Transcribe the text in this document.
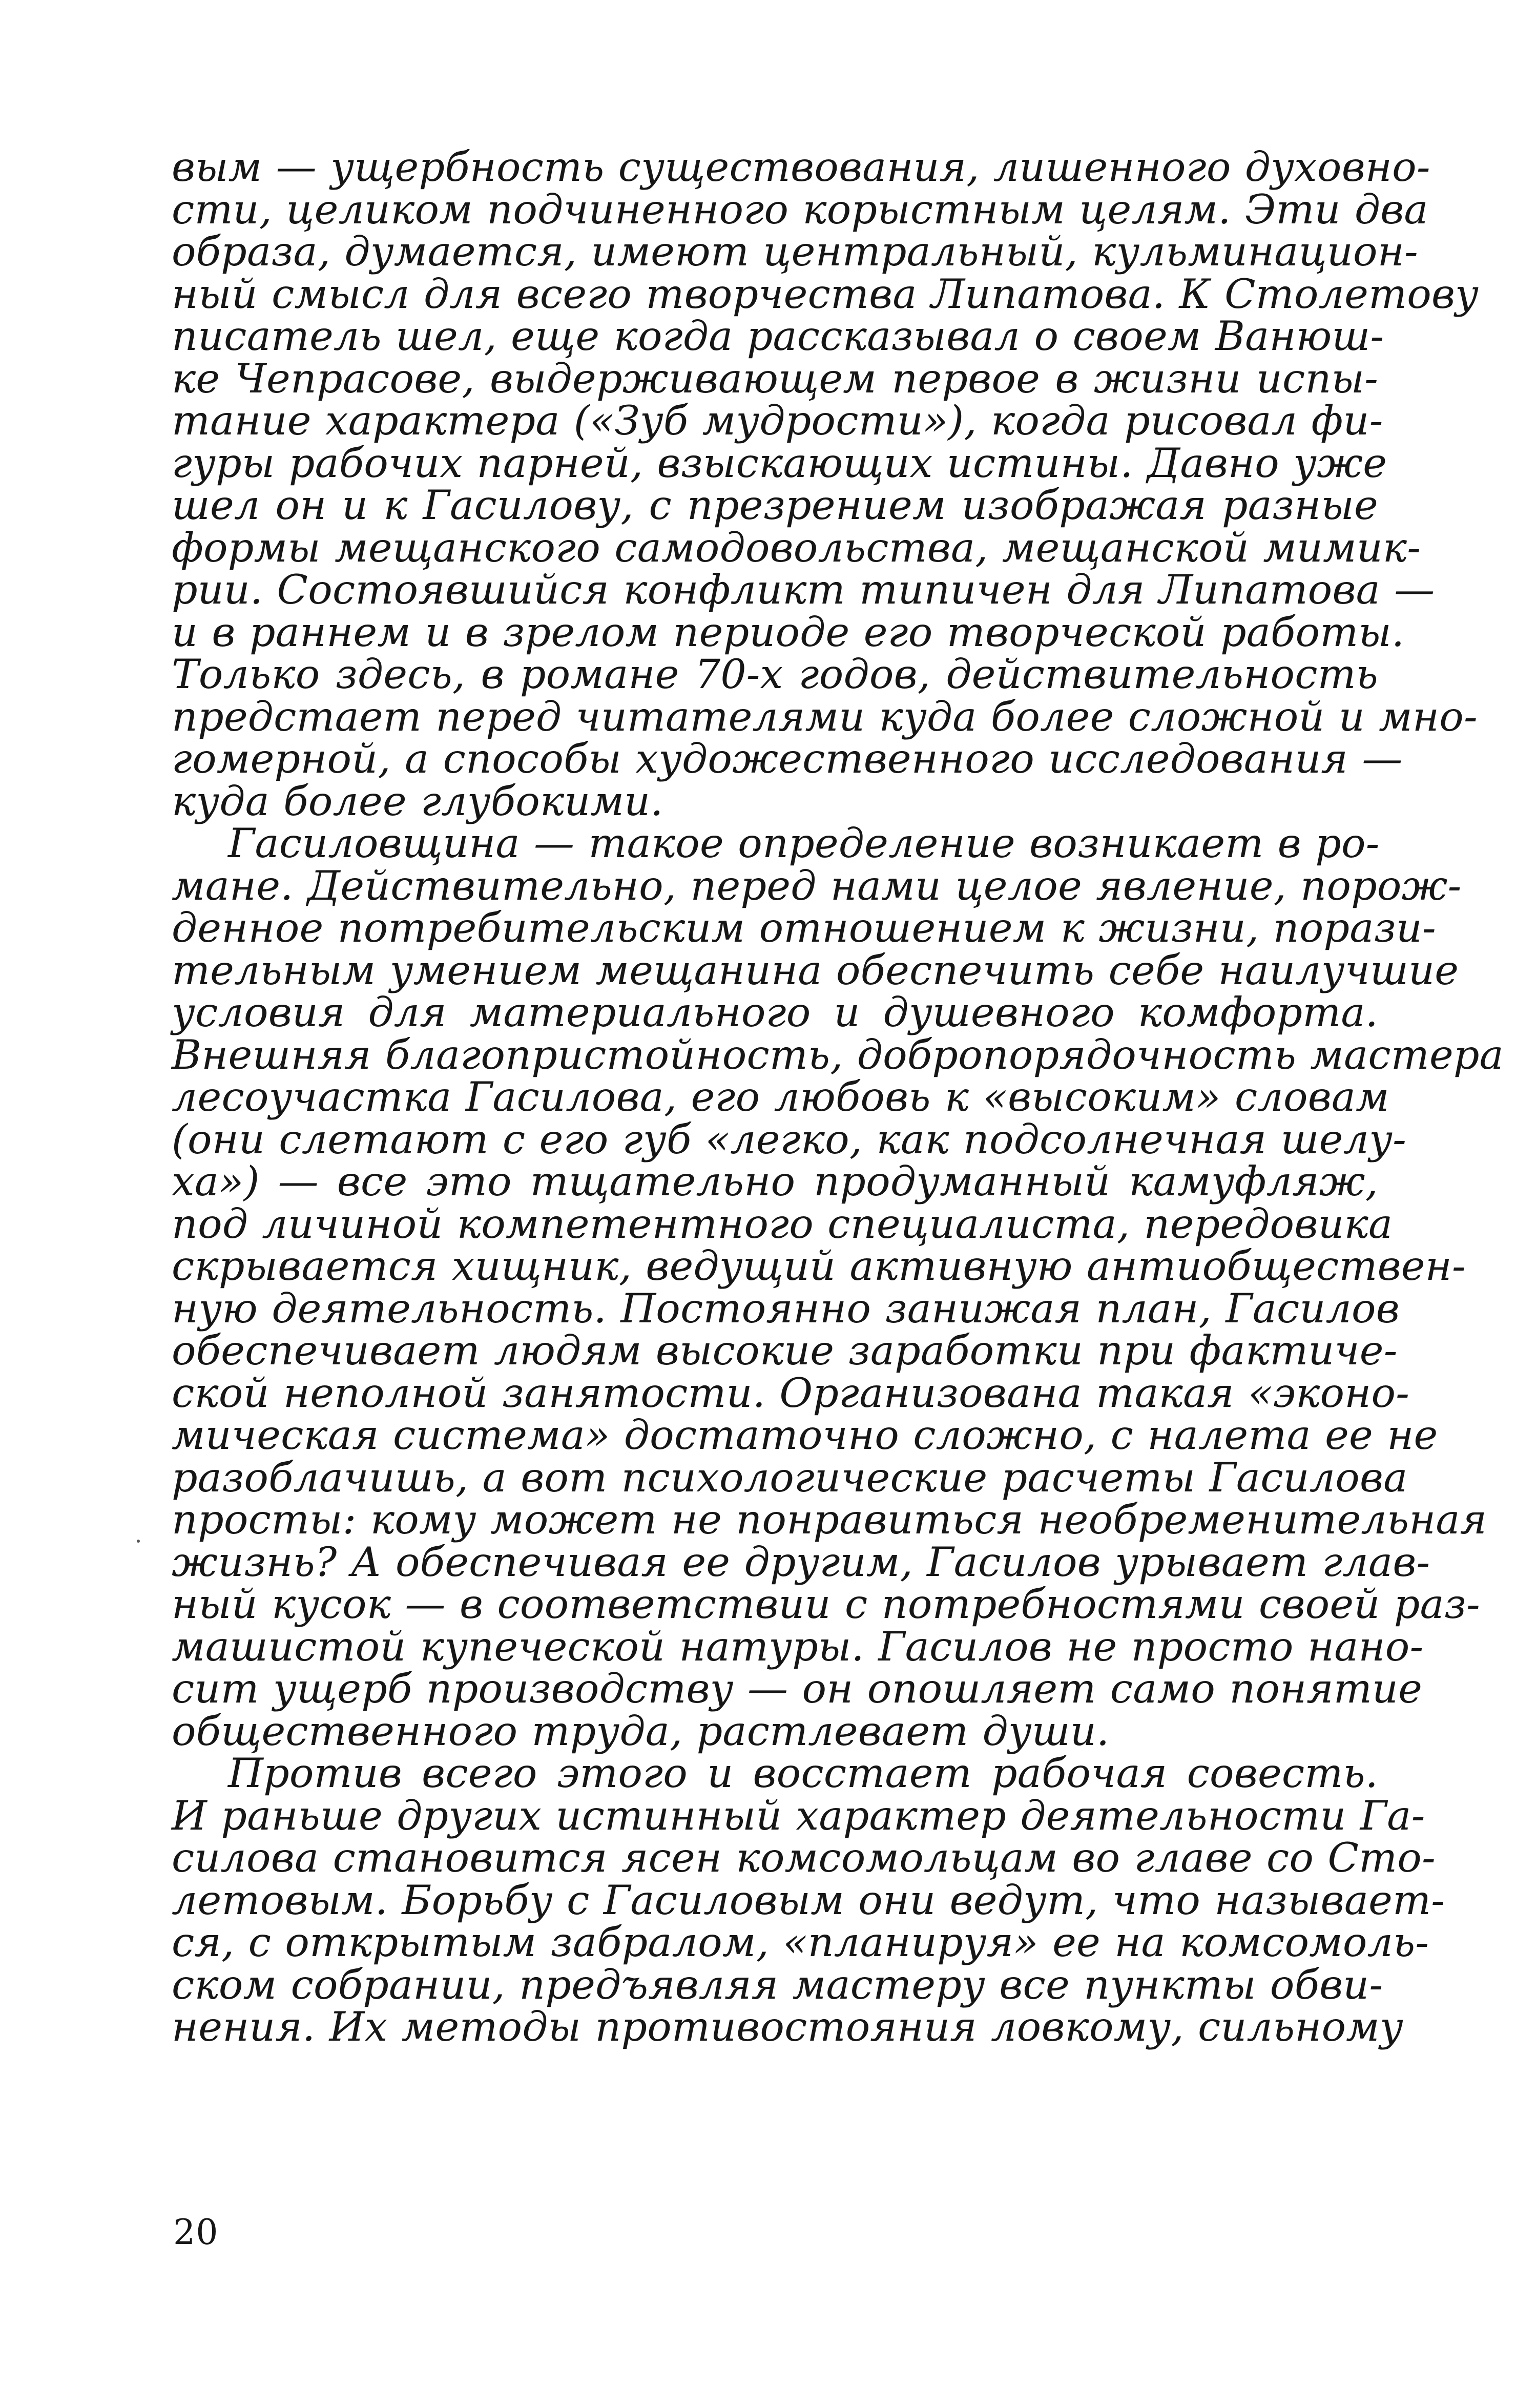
вым — ущербность существования, лишенного духовно-
сти, целиком подчиненного корыстным целям. Эти два
образа, думается, имеют центральный, кульминацион-
ный смысл для всего творчества Липатова. К Столетову
писатель шел, еще когда рассказывал о своем Ванюш-
ке Чепрасове, выдерживающем первое в жизни испы-
тание характера («Зуб мудрости»), когда рисовал фи-
гуры рабочих парней, взыскающих истины. Давно уже
шел он и к Гасилову, с презрением изображая разные
формы мещанского самодовольства, мещанской мимик-
рии. Состоявшийся конфликт типичен для Липатова —
и в раннем и в зрелом периоде его творческой работы.
Только здесь, в романе 70-х годов, действительность
предстает перед читателями куда более сложной и мно-
гомерной, а способы художественного исследования —
куда более глубокими.
Гасиловщина — такое определение возникает в ро-
мане. Действительно, перед нами целое явление, порож-
денное потребительским отношением к жизни, порази-
тельным умением мещанина обеспечить себе наилучшие
условия для материального и душевного комфорта.
Внешняя благопристойность, добропорядочность мастера
лесоучастка Гасилова, его любовь к «высоким» словам
(они слетают с его губ «легко, как подсолнечная шелу-
ха») — все это тщательно продуманный камуфляж,
под личиной компетентного специалиста, передовика
скрывается хищник, ведущий активную антиобществен-
ную деятельность. Постоянно занижая план, Гасилов
обеспечивает людям высокие заработки при фактиче-
ской неполной занятости. Организована такая «эконо-
мическая система» достаточно сложно, с налета ее не
разоблачишь, а вот психологические расчеты Гасилова
просты: кому может не понравиться необременительная
жизнь? А обеспечивая ее другим, Гасилов урывает глав-
ный кусок — в соответствии с потребностями своей раз-
машистой купеческой натуры. Гасилов не просто нано-
сит ущерб производству — он опошляет само понятие
общественного труда, растлевает души.
Против всего этого и восстает рабочая совесть.
И раньше других истинный характер деятельности Га-
силова становится ясен комсомольцам во главе со Сто-
летовым. Борьбу с Гасиловым они ведут, что называет-
ся, с открытым забралом, «планируя» ее на комсомоль-
ском собрании, предъявляя мастеру все пункты обви-
нения. Их методы противостояния ловкому, сильному
20
